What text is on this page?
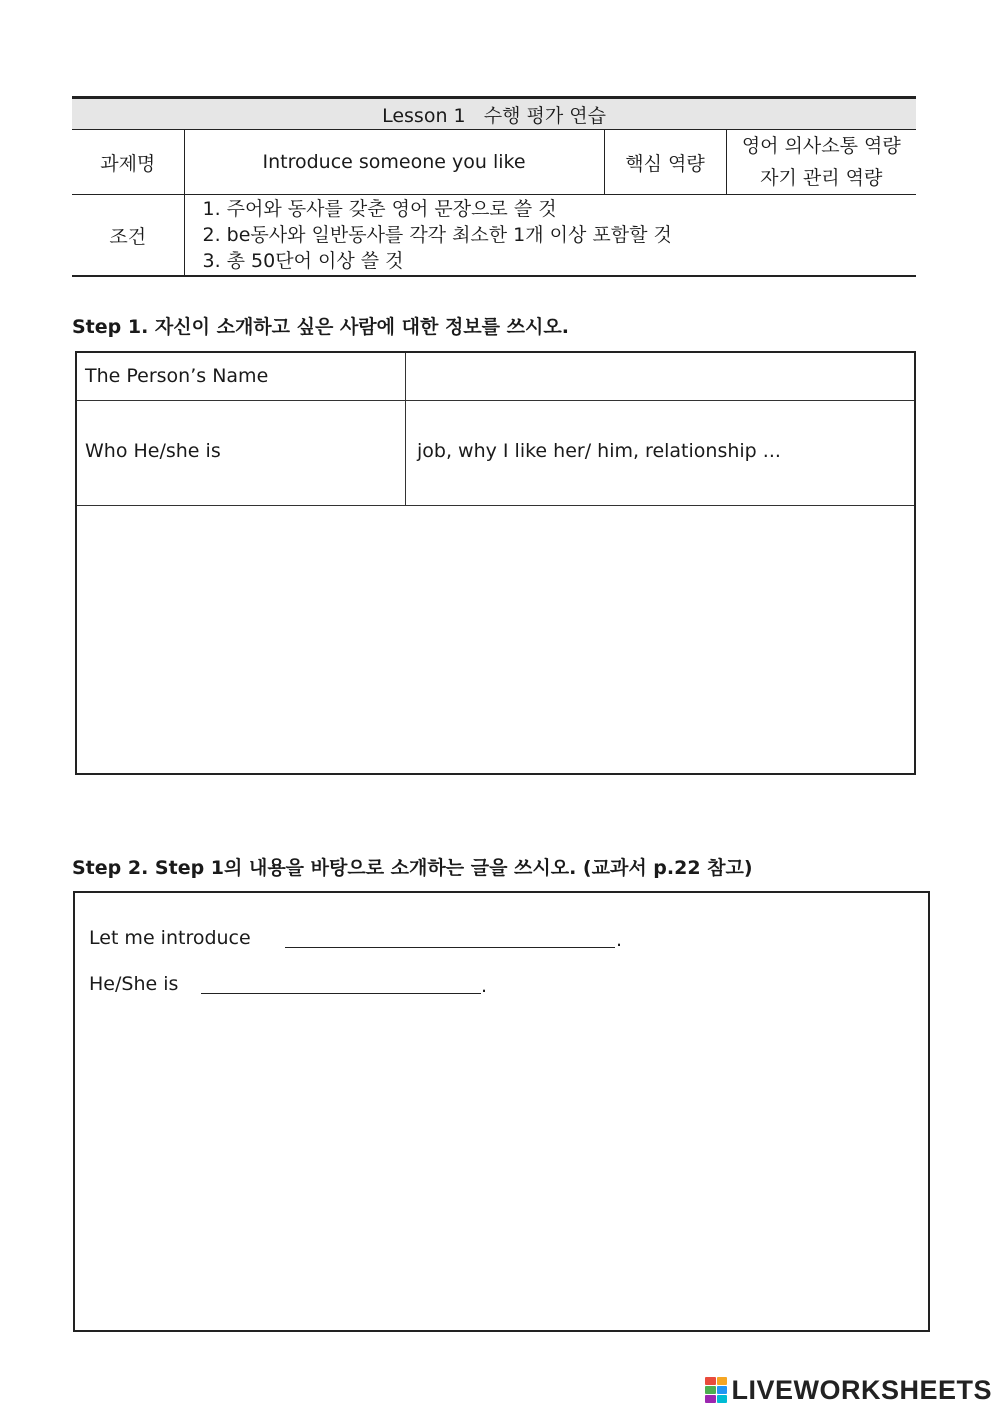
Lesson 1   수행 평가 연습			
과제명	Introduce someone you like	핵심 역량	영어 의사소통 역량
자기 관리 역량

조건	1. 주어와 동사를 갖춘 영어 문장으로 쓸 것
2. be동사와 일반동사를 각각 최소한 1개 이상 포함할 것
3. 총 50단어 이상 쓸 것		
Step 1. 자신이 소개하고 싶은 사람에 대한 정보를 쓰시오.
The Person’s Name
Who He/she is	job, why I like her/ him, relationship ...
Step 2. Step 1의 내용을 바탕으로 소개하는 글을 쓰시오. (교과서 p.22 참고)
Let me introduce	.
He/She is	.
LIVEWORKSHEETS
